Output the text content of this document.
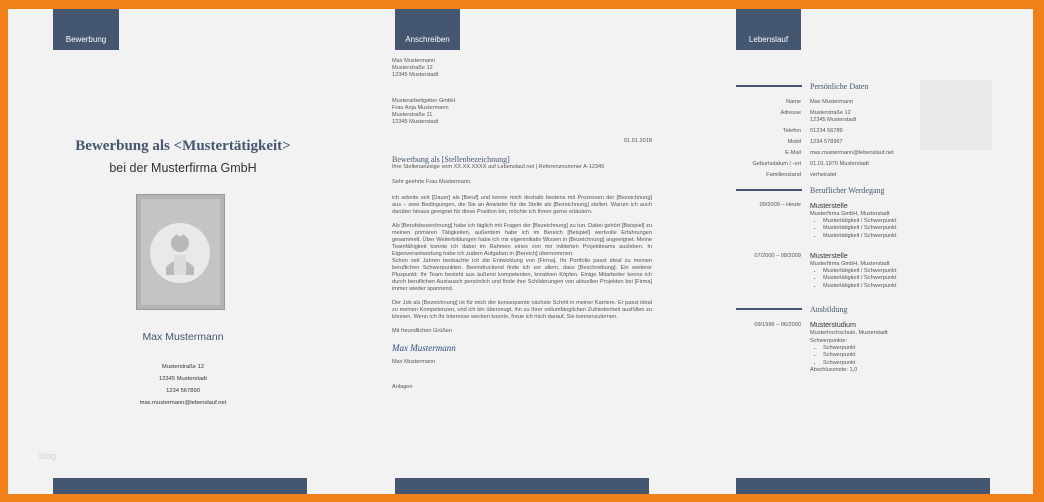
Bewerbung
Bewerbung als <Mustertätigkeit>
bei der Musterfirma GmbH
Max Mustermann
Musterstraße 12
12345 Musterstadt
1234 567890
max.mustermann@lebenslauf.net
blog
Anschreiben

Max Mustermann

Musterstraße 12

12345 Musterstadt

Musterarbeitgeber GmbH

Frau Anja Mustermann

Musterstraße 11

12345 Musterstadt

01.01.2018

Bewerbung als [Stellenbezeichnung]

Ihre Stellenanzeige vom XX.XX.XXXX auf Lebenslauf.net | Referenznummer A-12345

Sehr geehrte Frau Mustermann,

ich arbeite seit [Dauer] als [Beruf] und kenne mich deshalb bestens mit Prozessen der [Bezeichnung] aus – zwei Bedingungen, die Sie an Anwärter für die Stelle als [Bezeichnung] stellen. Warum ich auch darüber hinaus geeignet für diese Position bin, möchte ich Ihnen gerne erläutern.

Als [Berufsbezeichnung] habe ich täglich mit Fragen der [Bezeichnung] zu tun. Dabei gehört [Beispiel] zu meinen primären Tätigkeiten, außerdem habe ich im Bereich [Beispiel] wertvolle Erfahrungen gesammelt. Über Weiterbildungen habe ich mir eigeninitiativ Wissen in [Bezeichnung] angeeignet. Meine Teamfähigkeit konnte ich dabei im Rahmen eines von mir initiierten Projektteams ausleben. In Eigenverantwortung habe ich zudem Aufgaben in [Bereich] übernommen.

Schon seit Jahren beobachte ich die Entwicklung von [Firma]. Ihr Portfolio passt ideal zu meinen beruflichen Schwerpunkten. Beeindruckend finde ich vor allem, dass [Beschreibung]. Ein weiterer Pluspunkt: Ihr Team besteht aus äußerst kompetenten, kreativen Köpfen. Einige Mitarbeiter kenne ich durch beruflichen Austausch persönlich und finde ihre Schilderungen von aktuellen Projekten bei [Firma] immer wieder spannend.

Der Job als [Bezeichnung] ist für mich der konsequente nächste Schritt in meiner Karriere. Er passt ideal zu meinen Kompetenzen, und ich bin überzeugt, ihn zu Ihrer vollumfänglichen Zufriedenheit ausfüllen zu können. Wenn ich Ihr Interesse wecken konnte, freue ich mich darauf, Sie kennenzulernen.

Mit freundlichen Grüßen

Max Mustermann

Max Mustermann

Anlagen

Lebenslauf
Persönliche Daten
Name Max Mustermann
Adresse Musterstraße 12
12345 Musterstadt
Telefon 01234 56789
Mobil 1234 578967
E-Mail max.mustermann@lebenslauf.net
Geburtsdatum / -ort 01.01.1970 Musterstadt
Familienstand verheiratet
Beruflicher Werdegang
09/2009 – Heute Musterstelle
Musterfirma GmbH, Musterstadt
• Mustertätigkeit / Schwerpunkt
• Mustertätigkeit / Schwerpunkt
• Mustertätigkeit / Schwerpunkt
07/2000 – 08/2009 Musterstelle
Musterfirma GmbH, Musterstadt
• Mustertätigkeit / Schwerpunkt
• Mustertätigkeit / Schwerpunkt
• Mustertätigkeit / Schwerpunkt
Ausbildung
09/1996 – 06/2000 Musterstudium
Musterhochschule, Musterstadt
Schwerpunkte:
• Schwerpunkt
• Schwerpunkt
• Schwerpunkt
Abschlussnote: 1,0
